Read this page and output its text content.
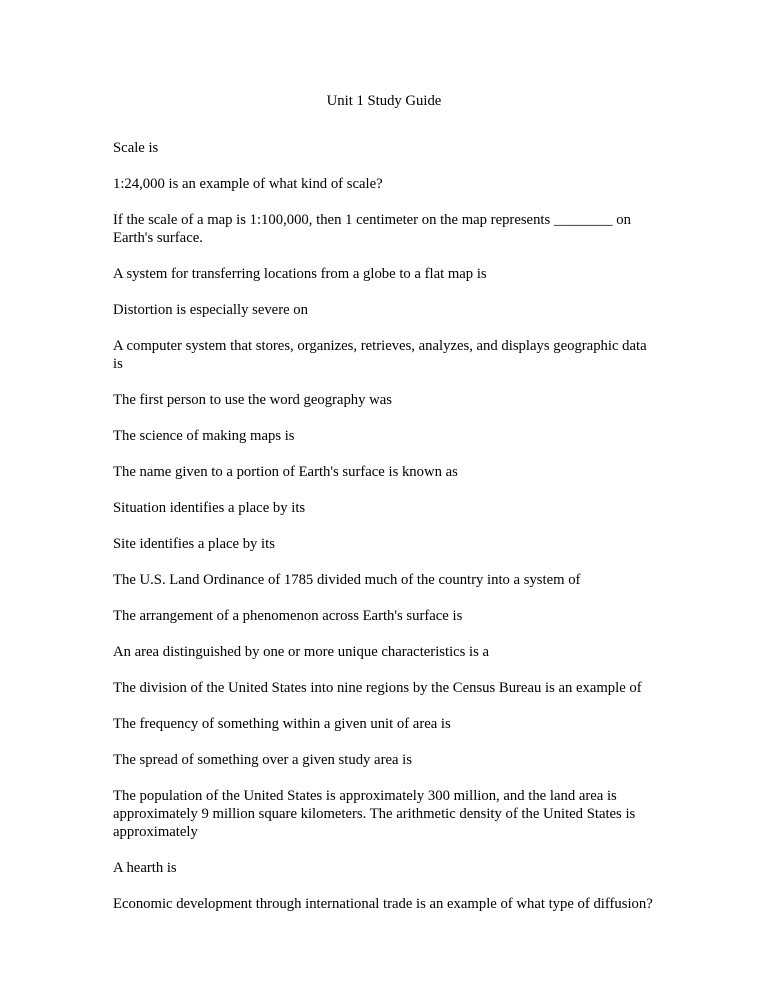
Unit 1 Study Guide

Scale is

1:24,000 is an example of what kind of scale?

If the scale of a map is 1:100,000, then 1 centimeter on the map represents ________ on Earth's surface.

A system for transferring locations from a globe to a flat map is

Distortion is especially severe on

A computer system that stores, organizes, retrieves, analyzes, and displays geographic data is

The first person to use the word geography was

The science of making maps is

The name given to a portion of Earth's surface is known as

Situation identifies a place by its

Site identifies a place by its

The U.S. Land Ordinance of 1785 divided much of the country into a system of

The arrangement of a phenomenon across Earth's surface is

An area distinguished by one or more unique characteristics is a

The division of the United States into nine regions by the Census Bureau is an example of

The frequency of something within a given unit of area is

The spread of something over a given study area is

The population of the United States is approximately 300 million, and the land area is approximately 9 million square kilometers. The arithmetic density of the United States is approximately

A hearth is

Economic development through international trade is an example of what type of diffusion?
